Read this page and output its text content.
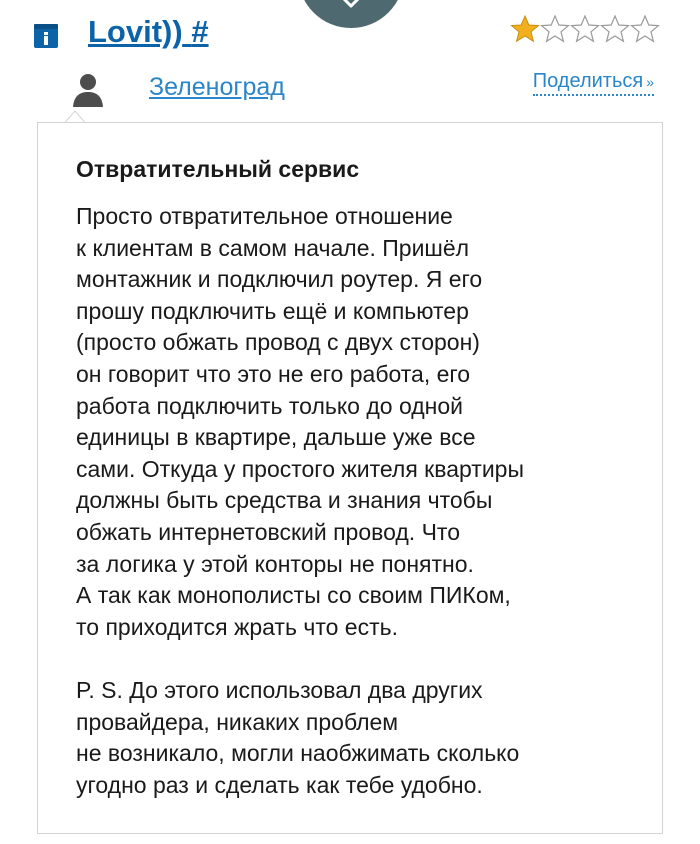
Lovit)) #
Зеленоград	Поделиться »
Отвратительный сервис
Просто отвратительное отношение
к клиентам в самом начале. Пришёл
монтажник и подключил роутер. Я его
прошу подключить ещё и компьютер
(просто обжать провод с двух сторон)
он говорит что это не его работа, его
работа подключить только до одной
единицы в квартире, дальше уже все
сами. Откуда у простого жителя квартиры
должны быть средства и знания чтобы
обжать интернетовский провод. Что
за логика у этой конторы не понятно.
А так как монополисты со своим ПИКом,
то приходится жрать что есть.
P. S. До этого использовал два других
провайдера, никаких проблем
не возникало, могли наобжимать сколько
угодно раз и сделать как тебе удобно.
